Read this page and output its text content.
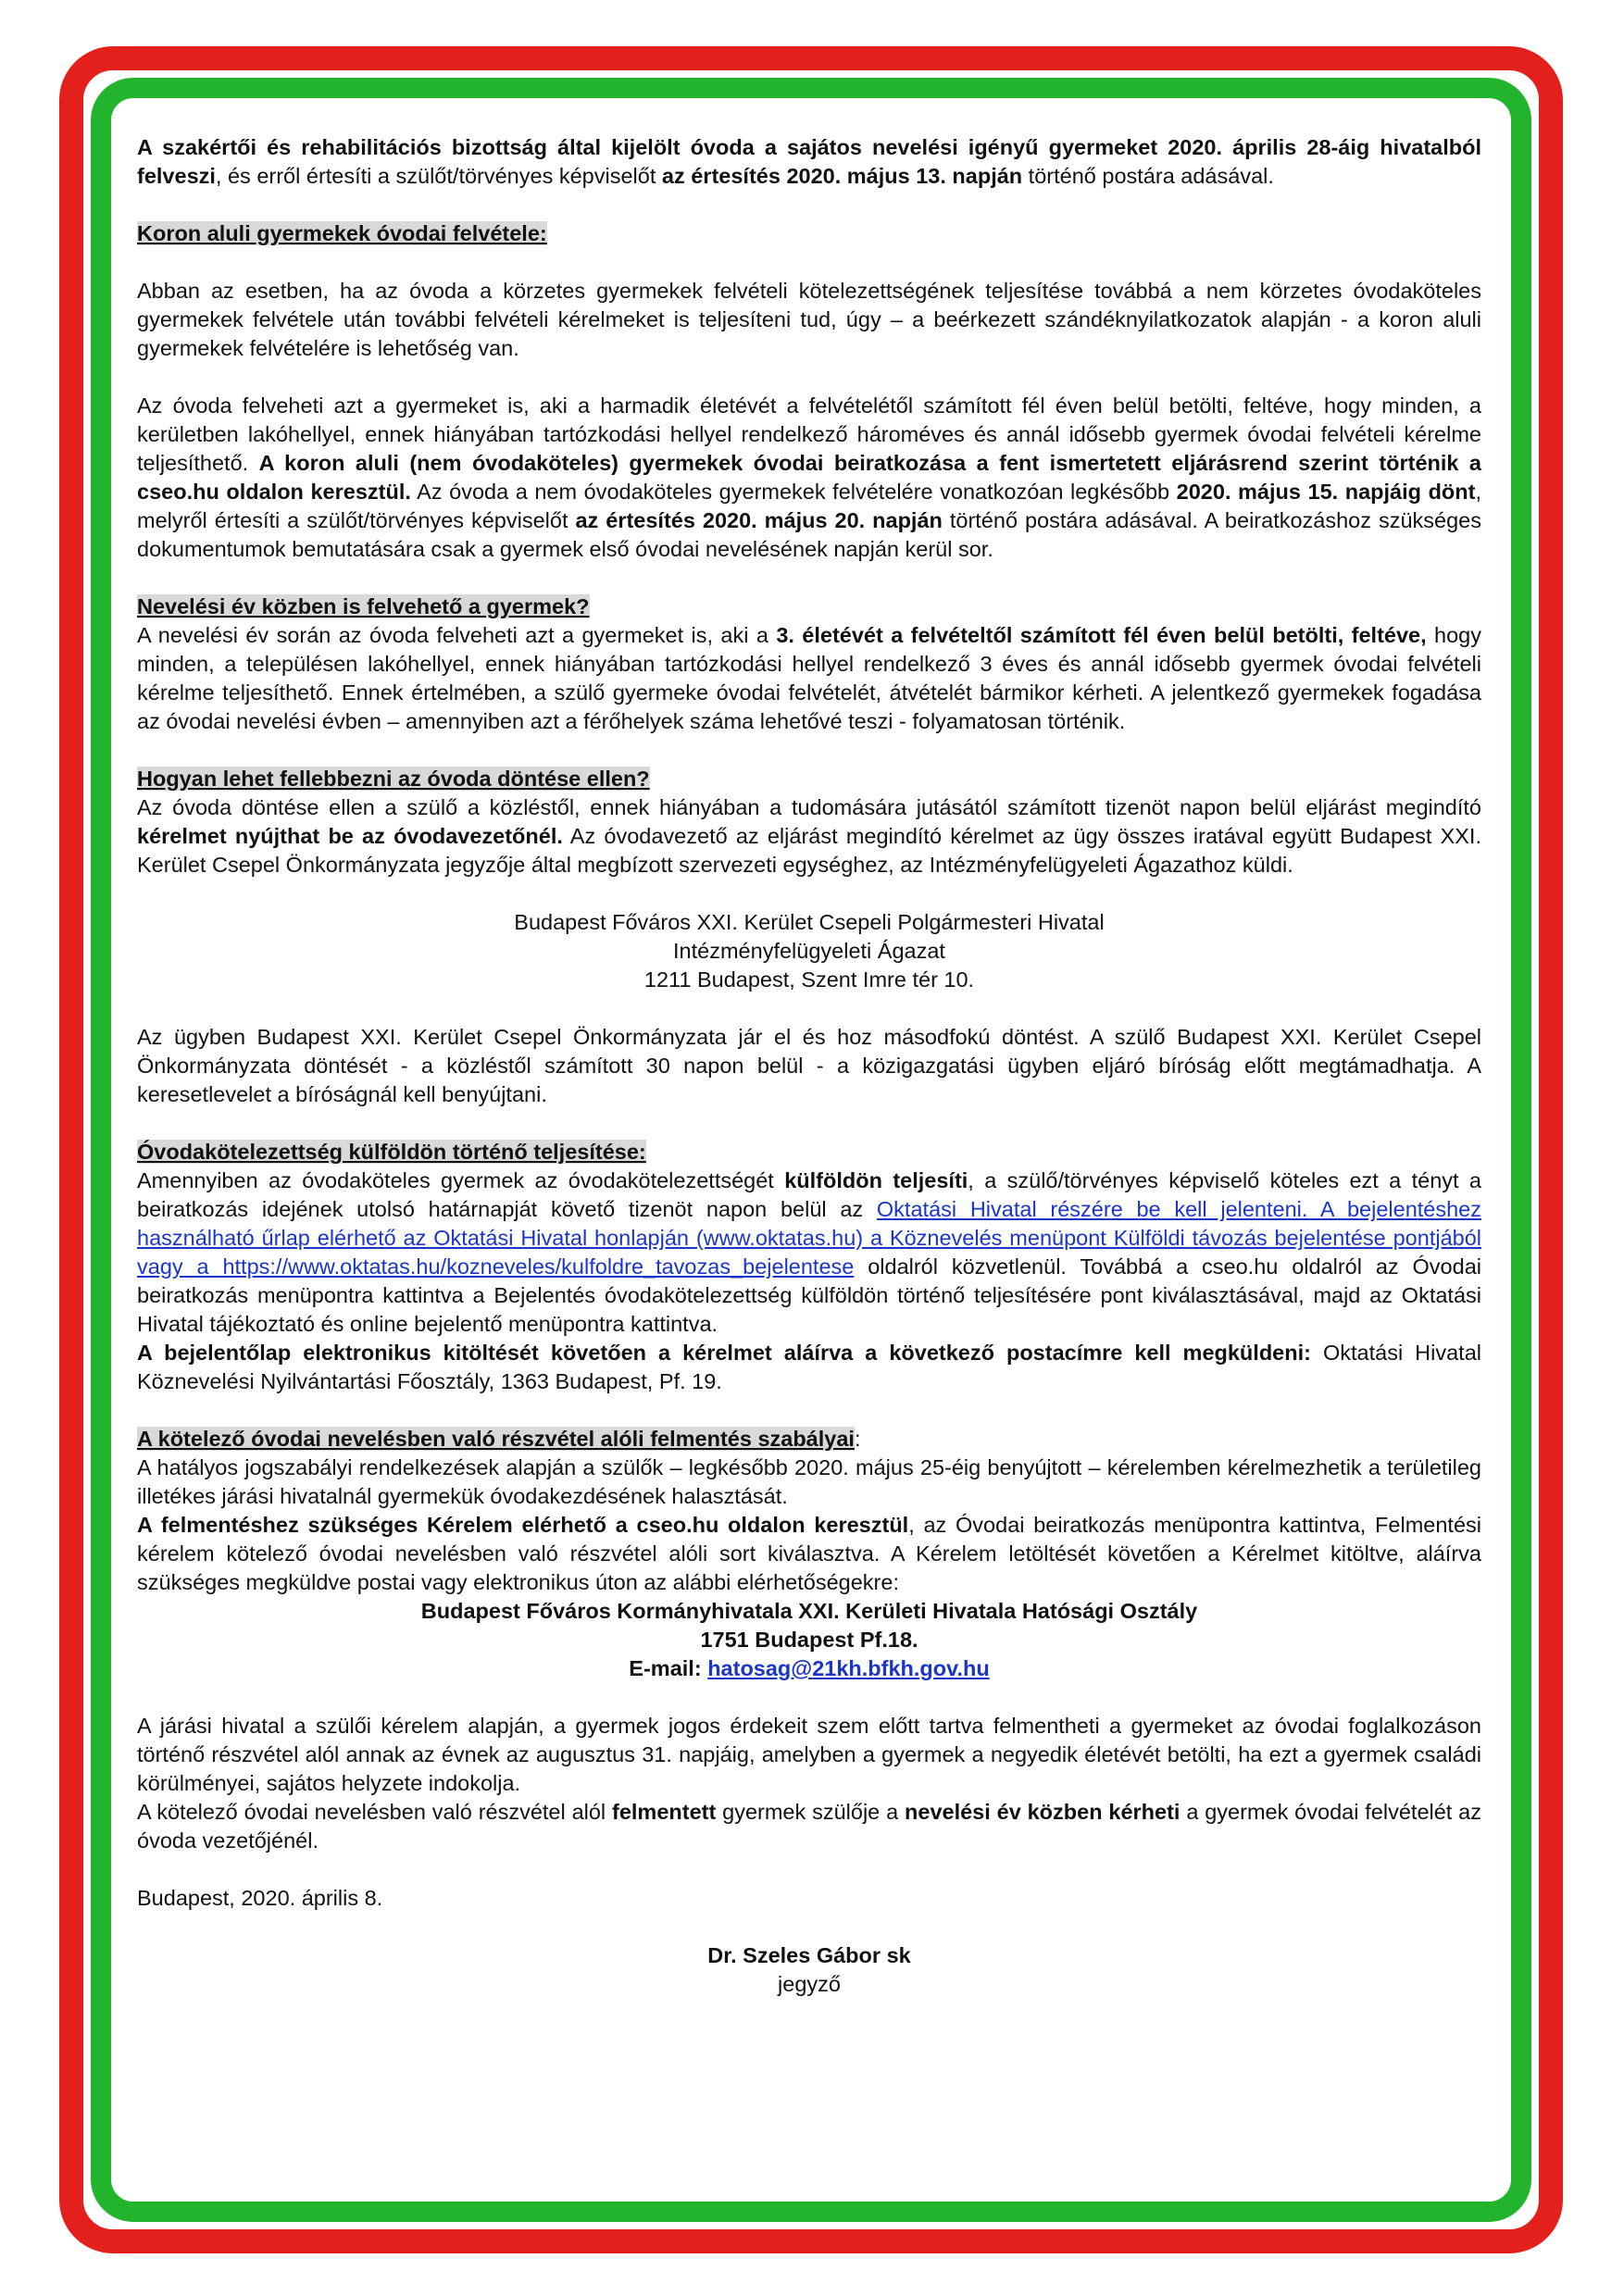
A szakértői és rehabilitációs bizottság által kijelölt óvoda a sajátos nevelési igényű gyermeket 2020. április 28-áig hivatalból felveszi, és erről értesíti a szülőt/törvényes képviselőt az értesítés 2020. május 13. napján történő postára adásával.

Koron aluli gyermekek óvodai felvétele:

Abban az esetben, ha az óvoda a körzetes gyermekek felvételi kötelezettségének teljesítése továbbá a nem körzetes óvodaköteles gyermekek felvétele után további felvételi kérelmeket is teljesíteni tud, úgy – a beérkezett szándéknyilatkozatok alapján - a koron aluli gyermekek felvételére is lehetőség van.

Az óvoda felveheti azt a gyermeket is, aki a harmadik életévét a felvételétől számított fél éven belül betölti, feltéve, hogy minden, a kerületben lakóhellyel, ennek hiányában tartózkodási hellyel rendelkező hároméves és annál idősebb gyermek óvodai felvételi kérelme teljesíthető. A koron aluli (nem óvodaköteles) gyermekek óvodai beiratkozása a fent ismertetett eljárásrend szerint történik a cseo.hu oldalon keresztül. Az óvoda a nem óvodaköteles gyermekek felvételére vonatkozóan legkésőbb 2020. május 15. napjáig dönt, melyről értesíti a szülőt/törvényes képviselőt az értesítés 2020. május 20. napján történő postára adásával. A beiratkozáshoz szükséges dokumentumok bemutatására csak a gyermek első óvodai nevelésének napján kerül sor.

Nevelési év közben is felvehető a gyermek?

A nevelési év során az óvoda felveheti azt a gyermeket is, aki a 3. életévét a felvételtől számított fél éven belül betölti, feltéve, hogy minden, a településen lakóhellyel, ennek hiányában tartózkodási hellyel rendelkező 3 éves és annál idősebb gyermek óvodai felvételi kérelme teljesíthető. Ennek értelmében, a szülő gyermeke óvodai felvételét, átvételét bármikor kérheti. A jelentkező gyermekek fogadása az óvodai nevelési évben – amennyiben azt a férőhelyek száma lehetővé teszi - folyamatosan történik.

Hogyan lehet fellebbezni az óvoda döntése ellen?

Az óvoda döntése ellen a szülő a közléstől, ennek hiányában a tudomására jutásától számított tizenöt napon belül eljárást megindító kérelmet nyújthat be az óvodavezetőnél. Az óvodavezető az eljárást megindító kérelmet az ügy összes iratával együtt Budapest XXI. Kerület Csepel Önkormányzata jegyzője által megbízott szervezeti egységhez, az Intézményfelügyeleti Ágazathoz küldi.

Budapest Főváros XXI. Kerület Csepeli Polgármesteri Hivatal
Intézményfelügyeleti Ágazat
1211 Budapest, Szent Imre tér 10.

Az ügyben Budapest XXI. Kerület Csepel Önkormányzata jár el és hoz másodfokú döntést. A szülő Budapest XXI. Kerület Csepel Önkormányzata döntését - a közléstől számított 30 napon belül - a közigazgatási ügyben eljáró bíróság előtt megtámadhatja. A keresetlevelet a bíróságnál kell benyújtani.

Óvodakötelezettség külföldön történő teljesítése:

Amennyiben az óvodaköteles gyermek az óvodakötelezettségét külföldön teljesíti, a szülő/törvényes képviselő köteles ezt a tényt a beiratkozás idejének utolsó határnapját követő tizenöt napon belül az Oktatási Hivatal részére be kell jelenteni. A bejelentéshez használható űrlap elérhető az Oktatási Hivatal honlapján (www.oktatas.hu) a Köznevelés menüpont Külföldi távozás bejelentése pontjából vagy a https://www.oktatas.hu/kozneveles/kulfoldre_tavozas_bejelentese oldalról közvetlenül. Továbbá a cseo.hu oldalról az Óvodai beiratkozás menüpontra kattintva a Bejelentés óvodakötelezettség külföldön történő teljesítésére pont kiválasztásával, majd az Oktatási Hivatal tájékoztató és online bejelentő menüpontra kattintva.

A bejelentőlap elektronikus kitöltését követően a kérelmet aláírva a következő postacímre kell megküldeni: Oktatási Hivatal Köznevelési Nyilvántartási Főosztály, 1363 Budapest, Pf. 19.

A kötelező óvodai nevelésben való részvétel alóli felmentés szabályai:

A hatályos jogszabályi rendelkezések alapján a szülők – legkésőbb 2020. május 25-éig benyújtott – kérelemben kérelmezhetik a területileg illetékes járási hivatalnál gyermekük óvodakezdésének halasztását.

A felmentéshez szükséges Kérelem elérhető a cseo.hu oldalon keresztül, az Óvodai beiratkozás menüpontra kattintva, Felmentési kérelem kötelező óvodai nevelésben való részvétel alóli sort kiválasztva. A Kérelem letöltését követően a Kérelmet kitöltve, aláírva szükséges megküldve postai vagy elektronikus úton az alábbi elérhetőségekre:

Budapest Főváros Kormányhivatala XXI. Kerületi Hivatala Hatósági Osztály
1751 Budapest Pf.18.
E-mail: hatosag@21kh.bfkh.gov.hu

A járási hivatal a szülői kérelem alapján, a gyermek jogos érdekeit szem előtt tartva felmentheti a gyermeket az óvodai foglalkozáson történő részvétel alól annak az évnek az augusztus 31. napjáig, amelyben a gyermek a negyedik életévét betölti, ha ezt a gyermek családi körülményei, sajátos helyzete indokolja.

A kötelező óvodai nevelésben való részvétel alól felmentett gyermek szülője a nevelési év közben kérheti a gyermek óvodai felvételét az óvoda vezetőjénél.

Budapest, 2020. április 8.

Dr. Szeles Gábor sk
jegyző
